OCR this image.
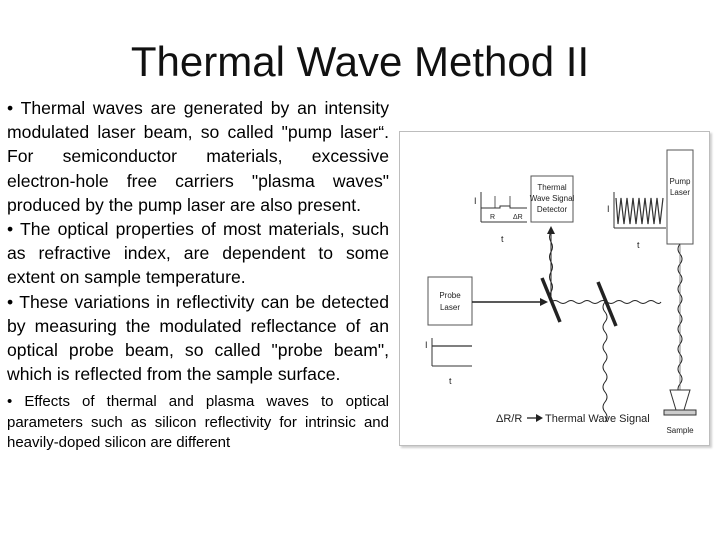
Thermal Wave Method II

• Thermal waves are generated by an intensity modulated laser beam, so called "pump laser“. For semiconductor materials, excessive electron-hole free carriers "plasma waves" produced by the pump laser are also present.

• The optical properties of most materials, such as refractive index, are dependent to some extent on sample temperature.

• These variations in reflectivity can be detected by measuring the modulated reflectance of an optical probe beam, so called "probe beam", which is reflected from the sample surface.

• Effects of thermal and plasma waves to optical parameters such as silicon reflectivity for intrinsic and heavily-doped silicon are different

Thermal
Wave Signal
Detector
Pump
Laser
Probe
Laser
I
R	ΔR
t
I
t
I
t
Sample
ΔR/R Thermal Wave Signal
